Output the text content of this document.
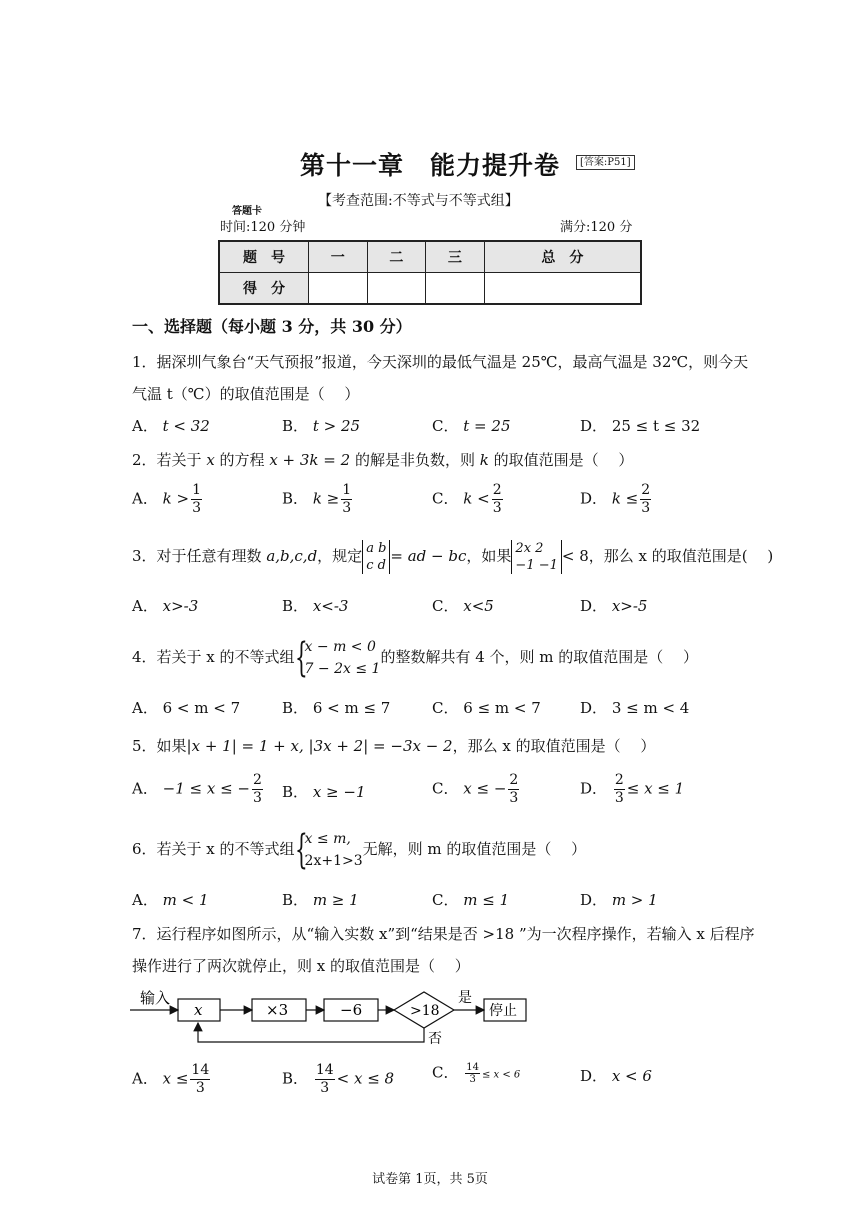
第十一章 能力提升卷	[答案:P51]
【考查范围:不等式与不等式组】
答题卡
时间:120 分钟	满分:120 分
题　号	一	二	三	总　分
得　分				
一、选择题（每小题 3 分，共 30 分）
1．据深圳气象台“天气预报”报道，今天深圳的最低气温是 25℃，最高气温是 32℃，则今天
气温 t（℃）的取值范围是（　 ）
A． t < 32	B． t > 25	C． t = 25	D． 25 ≤ t ≤ 32
2．若关于 x 的方程 x + 3k = 2 的解是非负数，则 k 的取值范围是（　 ）
A． $k > \frac{1}{3}$	B． $k \ge \frac{1}{3}$	C． $k < \frac{2}{3}$	D． $k \le \frac{2}{3}$
3．对于任意有理数 a,b,c,d，规定 a b
c d
= ad − bc，如果 2x 2
−1 −1
< 8，那么 x 的取值范围是(　 )
A． x>-3	B． x<-3	C． x<5	D． x>-5
4．若关于 x 的不等式组 {
x − m < 0
7 − 2x ≤ 1
的整数解共有 4 个，则 m 的取值范围是（　 ）
A． 6 < m < 7	B． 6 < m ≤ 7	C． 6 ≤ m < 7	D． 3 ≤ m < 4
5．如果|x + 1| = 1 + x, |3x + 2| = −3x − 2，那么 x 的取值范围是（　 ）
A． −1 ≤ x ≤ − $\frac{2}{3}$ B． x ≥ −1	C． x ≤ − $\frac{2}{3}$	D． $\frac{2}{3} \le x \le 1$
6．若关于 x 的不等式组 {
x ≤ m,
2x+1>3
无解，则 m 的取值范围是（　 ）
A． m < 1	B． m ≥ 1	C． m ≤ 1	D． m > 1
7．运行程序如图所示，从“输入实数 x”到“结果是否 >18 ”为一次程序操作，若输入 x 后程序
操作进行了两次就停止，则 x 的取值范围是（　 ）
输入
x	×3	−6	>18
是
停止
否
A． $x \le \frac{14}{3}$	B． $\frac{14}{3} < x \le 8$	C． $\frac{14}{3} \le x < 6$	D． x < 6
试卷第 1页，共 5页
